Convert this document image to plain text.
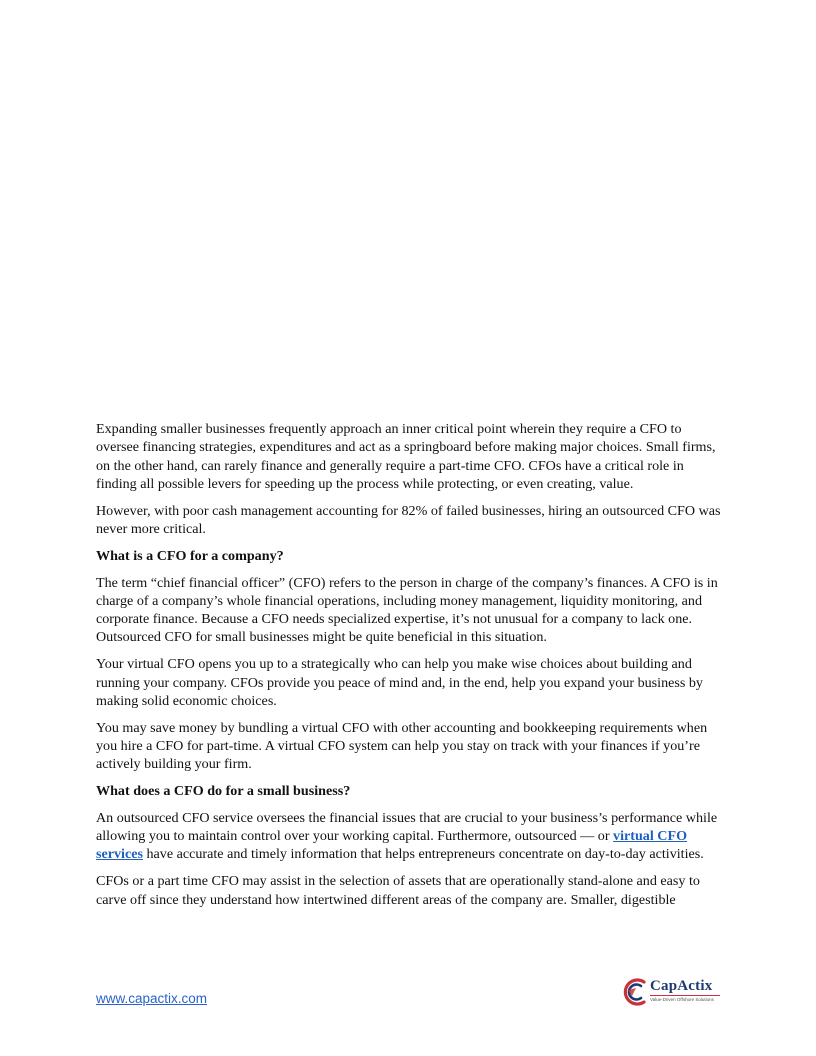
Expanding smaller businesses frequently approach an inner critical point wherein they require a CFO to oversee financing strategies, expenditures and act as a springboard before making major choices. Small firms, on the other hand, can rarely finance and generally require a part-time CFO. CFOs have a critical role in finding all possible levers for speeding up the process while protecting, or even creating, value.

However, with poor cash management accounting for 82% of failed businesses, hiring an outsourced CFO was never more critical.

What is a CFO for a company?

The term “chief financial officer” (CFO) refers to the person in charge of the company’s finances. A CFO is in charge of a company’s whole financial operations, including money management, liquidity monitoring, and corporate finance. Because a CFO needs specialized expertise, it’s not unusual for a company to lack one. Outsourced CFO for small businesses might be quite beneficial in this situation.

Your virtual CFO opens you up to a strategically who can help you make wise choices about building and running your company. CFOs provide you peace of mind and, in the end, help you expand your business by making solid economic choices.

You may save money by bundling a virtual CFO with other accounting and bookkeeping requirements when you hire a CFO for part-time. A virtual CFO system can help you stay on track with your finances if you’re actively building your firm.

What does a CFO do for a small business?

An outsourced CFO service oversees the financial issues that are crucial to your business’s performance while allowing you to maintain control over your working capital. Furthermore, outsourced — or virtual CFO services have accurate and timely information that helps entrepreneurs concentrate on day-to-day activities.

CFOs or a part time CFO may assist in the selection of assets that are operationally stand-alone and easy to carve off since they understand how intertwined different areas of the company are. Smaller, digestible

www.capactix.com
CapActix
Value-Driven Offshore Solutions
